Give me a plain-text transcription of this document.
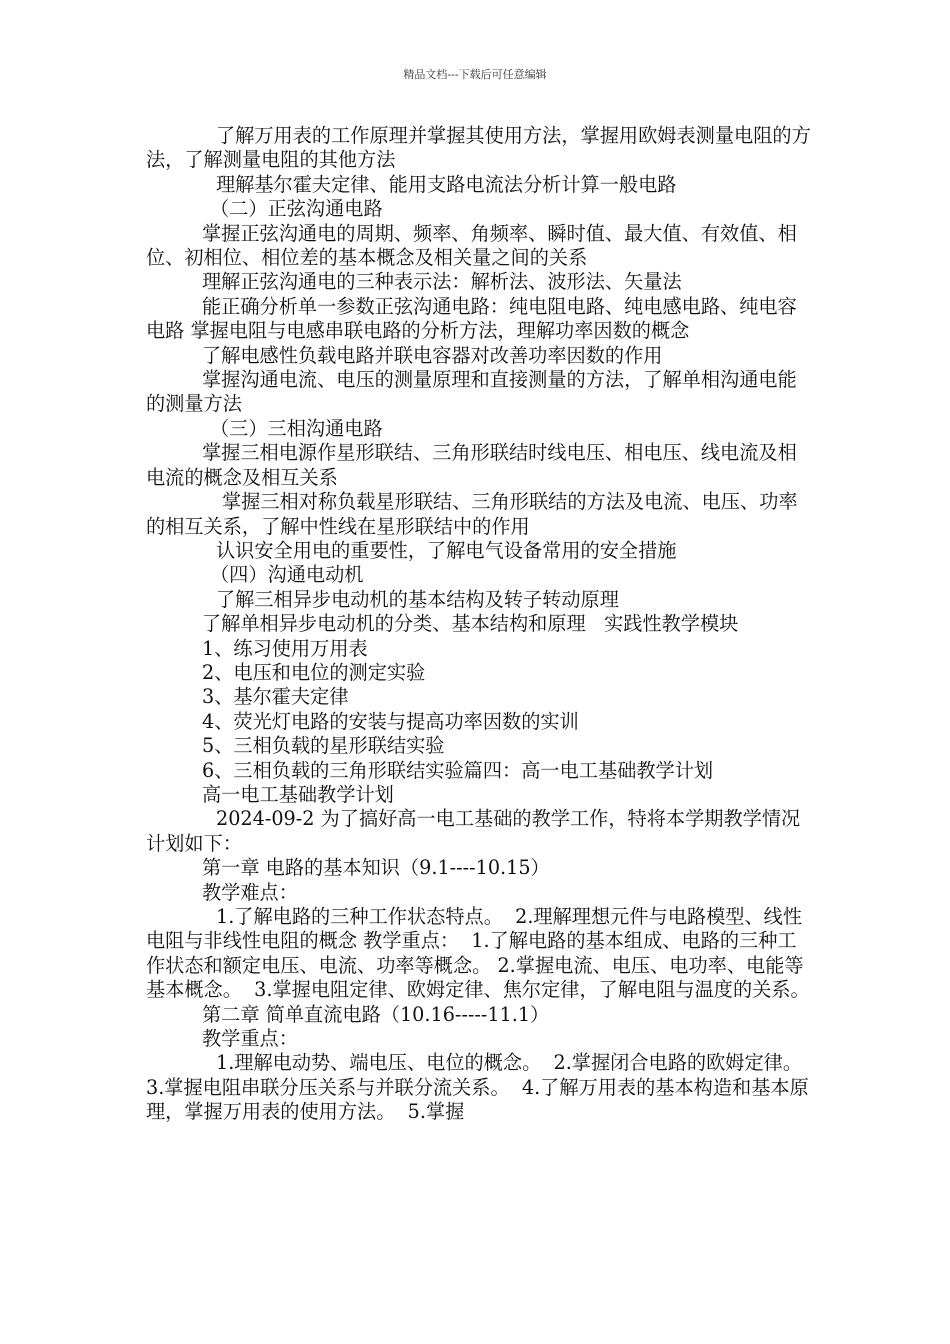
精品文档---下载后可任意编辑

了解万用表的工作原理并掌握其使用方法，掌握用欧姆表测量电阻的方法，了解测量电阻的其他方法

理解基尔霍夫定律、能用支路电流法分析计算一般电路

（二）正弦沟通电路

掌握正弦沟通电的周期、频率、角频率、瞬时值、最大值、有效值、相位、初相位、相位差的基本概念及相关量之间的关系

理解正弦沟通电的三种表示法：解析法、波形法、矢量法

能正确分析单一参数正弦沟通电路：纯电阻电路、纯电感电路、纯电容电路 掌握电阻与电感串联电路的分析方法，理解功率因数的概念

了解电感性负载电路并联电容器对改善功率因数的作用

掌握沟通电流、电压的测量原理和直接测量的方法，了解单相沟通电能的测量方法

（三）三相沟通电路

掌握三相电源作星形联结、三角形联结时线电压、相电压、线电流及相电流的概念及相互关系

掌握三相对称负载星形联结、三角形联结的方法及电流、电压、功率的相互关系，了解中性线在星形联结中的作用

认识安全用电的重要性，了解电气设备常用的安全措施

（四）沟通电动机

了解三相异步电动机的基本结构及转子转动原理

了解单相异步电动机的分类、基本结构和原理   实践性教学模块

1、练习使用万用表

2、电压和电位的测定实验

3、基尔霍夫定律

4、荧光灯电路的安装与提高功率因数的实训

5、三相负载的星形联结实验

6、三相负载的三角形联结实验篇四：高一电工基础教学计划

高一电工基础教学计划

2024-09-2 为了搞好高一电工基础的教学工作，特将本学期教学情况计划如下：

第一章 电路的基本知识（9.1----10.15）

教学难点：

1.了解电路的三种工作状态特点。  2.理解理想元件与电路模型、线性电阻与非线性电阻的概念 教学重点：  1.了解电路的基本组成、电路的三种工作状态和额定电压、电流、功率等概念。 2.掌握电流、电压、电功率、电能等基本概念。  3.掌握电阻定律、欧姆定律、焦尔定律，了解电阻与温度的关系。

第二章 简单直流电路（10.16-----11.1）

教学重点：

1.理解电动势、端电压、电位的概念。  2.掌握闭合电路的欧姆定律。  3.掌握电阻串联分压关系与并联分流关系。  4.了解万用表的基本构造和基本原理，掌握万用表的使用方法。  5.掌握
